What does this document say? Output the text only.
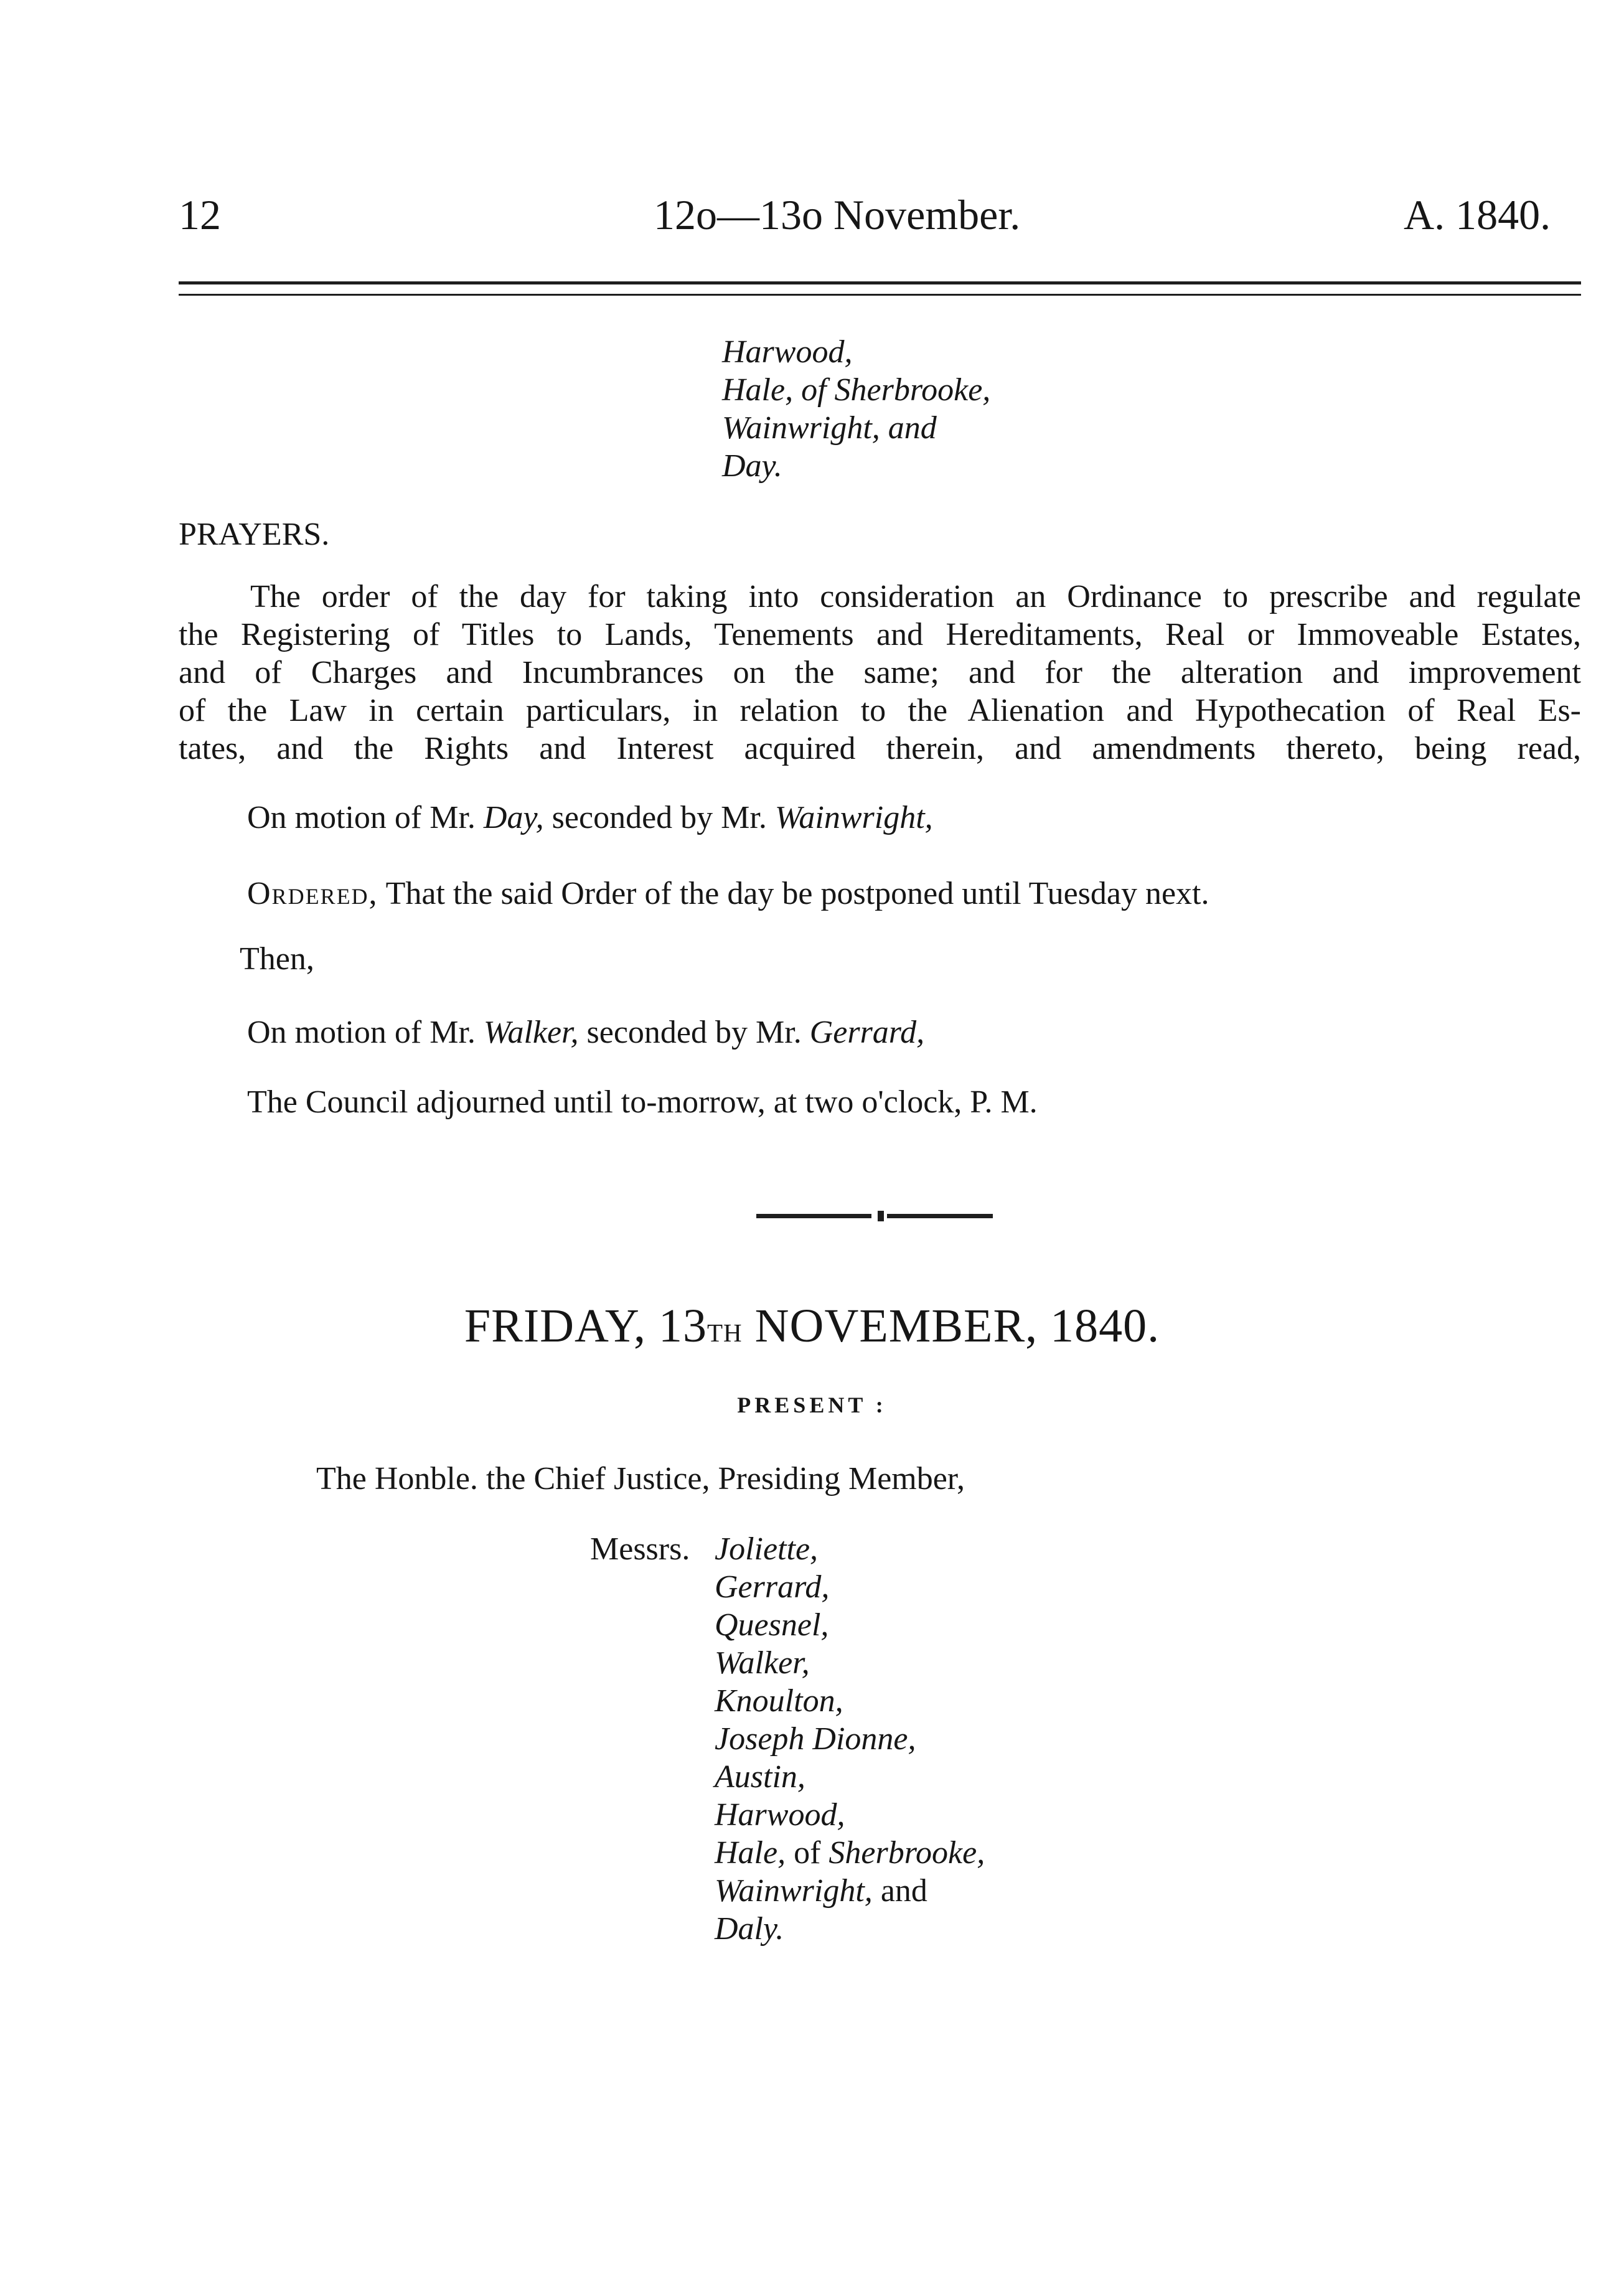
12	12o—13o November.	A. 1840.
Harwood,
Hale, of Sherbrooke,
Wainwright, and
Day.
PRAYERS.

The order of the day for taking into consideration an Ordinance to prescribe and regulate

the Registering of Titles to Lands, Tenements and Hereditaments, Real or Immoveable Estates,

and of Charges and Incumbrances on the same; and for the alteration and improvement

of the Law in certain particulars, in relation to the Alienation and Hypothecation of Real Es-

tates, and the Rights and Interest acquired therein, and amendments thereto, being read,

On motion of Mr. Day, seconded by Mr. Wainwright,
Ordered, That the said Order of the day be postponed until Tuesday next.
Then,
On motion of Mr. Walker, seconded by Mr. Gerrard,
The Council adjourned until to-morrow, at two o'clock, P. M.
FRIDAY, 13th NOVEMBER, 1840.
PRESENT :
The Honble. the Chief Justice, Presiding Member,
Messrs. Joliette,
Gerrard,
Quesnel,
Walker,
Knoulton,
Joseph Dionne,
Austin,
Harwood,
Hale, of Sherbrooke,
Wainwright, and
Daly.
